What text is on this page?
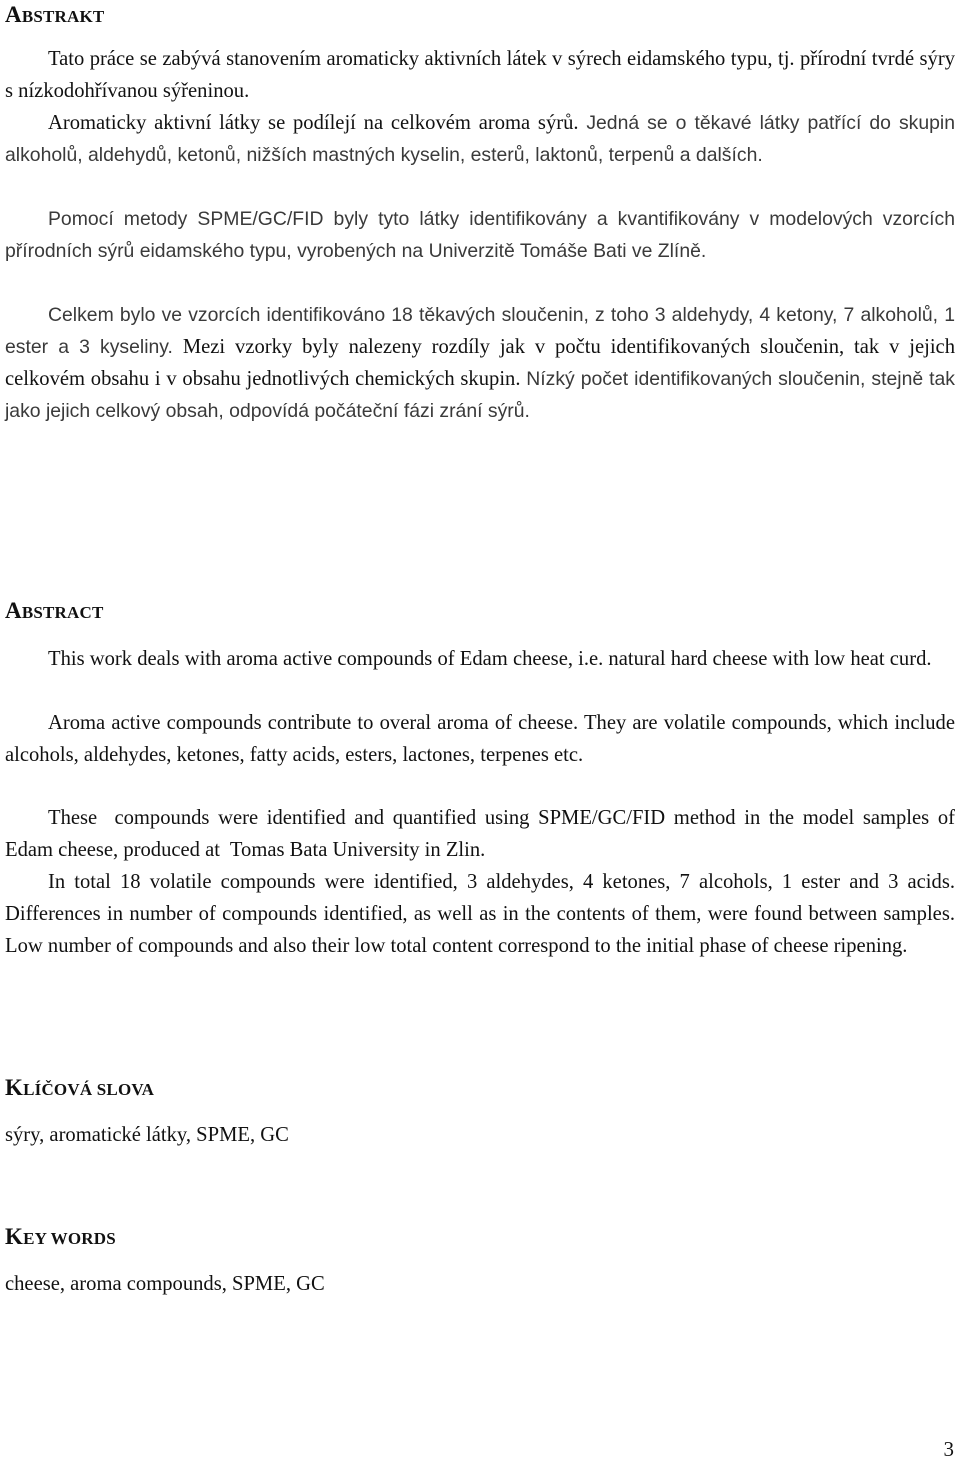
ABSTRAKT

Tato práce se zabývá stanovením aromaticky aktivních látek v sýrech eidamského typu, tj. přírodní tvrdé sýry s nízkodohřívanou sýřeninou.

Aromaticky aktivní látky se podílejí na celkovém aroma sýrů. Jedná se o těkavé látky patřící do skupin alkoholů, aldehydů, ketonů, nižších mastných kyselin, esterů, laktonů, terpenů a dalších.

Pomocí metody SPME/GC/FID byly tyto látky identifikovány a kvantifikovány v modelových vzorcích přírodních sýrů eidamského typu, vyrobených na Univerzitě Tomáše Bati ve Zlíně.

Celkem bylo ve vzorcích identifikováno 18 těkavých sloučenin, z toho 3 aldehydy, 4 ketony, 7 alkoholů, 1 ester a 3 kyseliny. Mezi vzorky byly nalezeny rozdíly jak v počtu identifikovaných sloučenin, tak v jejich celkovém obsahu i v obsahu jednotlivých chemických skupin. Nízký počet identifikovaných sloučenin, stejně tak jako jejich celkový obsah, odpovídá počáteční fázi zrání sýrů.

ABSTRACT

This work deals with aroma active compounds of Edam cheese, i.e. natural hard cheese with low heat curd.

Aroma active compounds contribute to overal aroma of cheese. They are volatile compounds, which include alcohols, aldehydes, ketones, fatty acids, esters, lactones, terpenes etc.

These  compounds were identified and quantified using SPME/GC/FID method in the model samples of Edam cheese, produced at  Tomas Bata University in Zlin.

In total 18 volatile compounds were identified, 3 aldehydes, 4 ketones, 7 alcohols, 1 ester and 3 acids. Differences in number of compounds identified, as well as in the contents of them, were found between samples. Low number of compounds and also their low total content correspond to the initial phase of cheese ripening.

KLÍČOVÁ SLOVA

sýry, aromatické látky, SPME, GC

KEY WORDS

cheese, aroma compounds, SPME, GC

3
